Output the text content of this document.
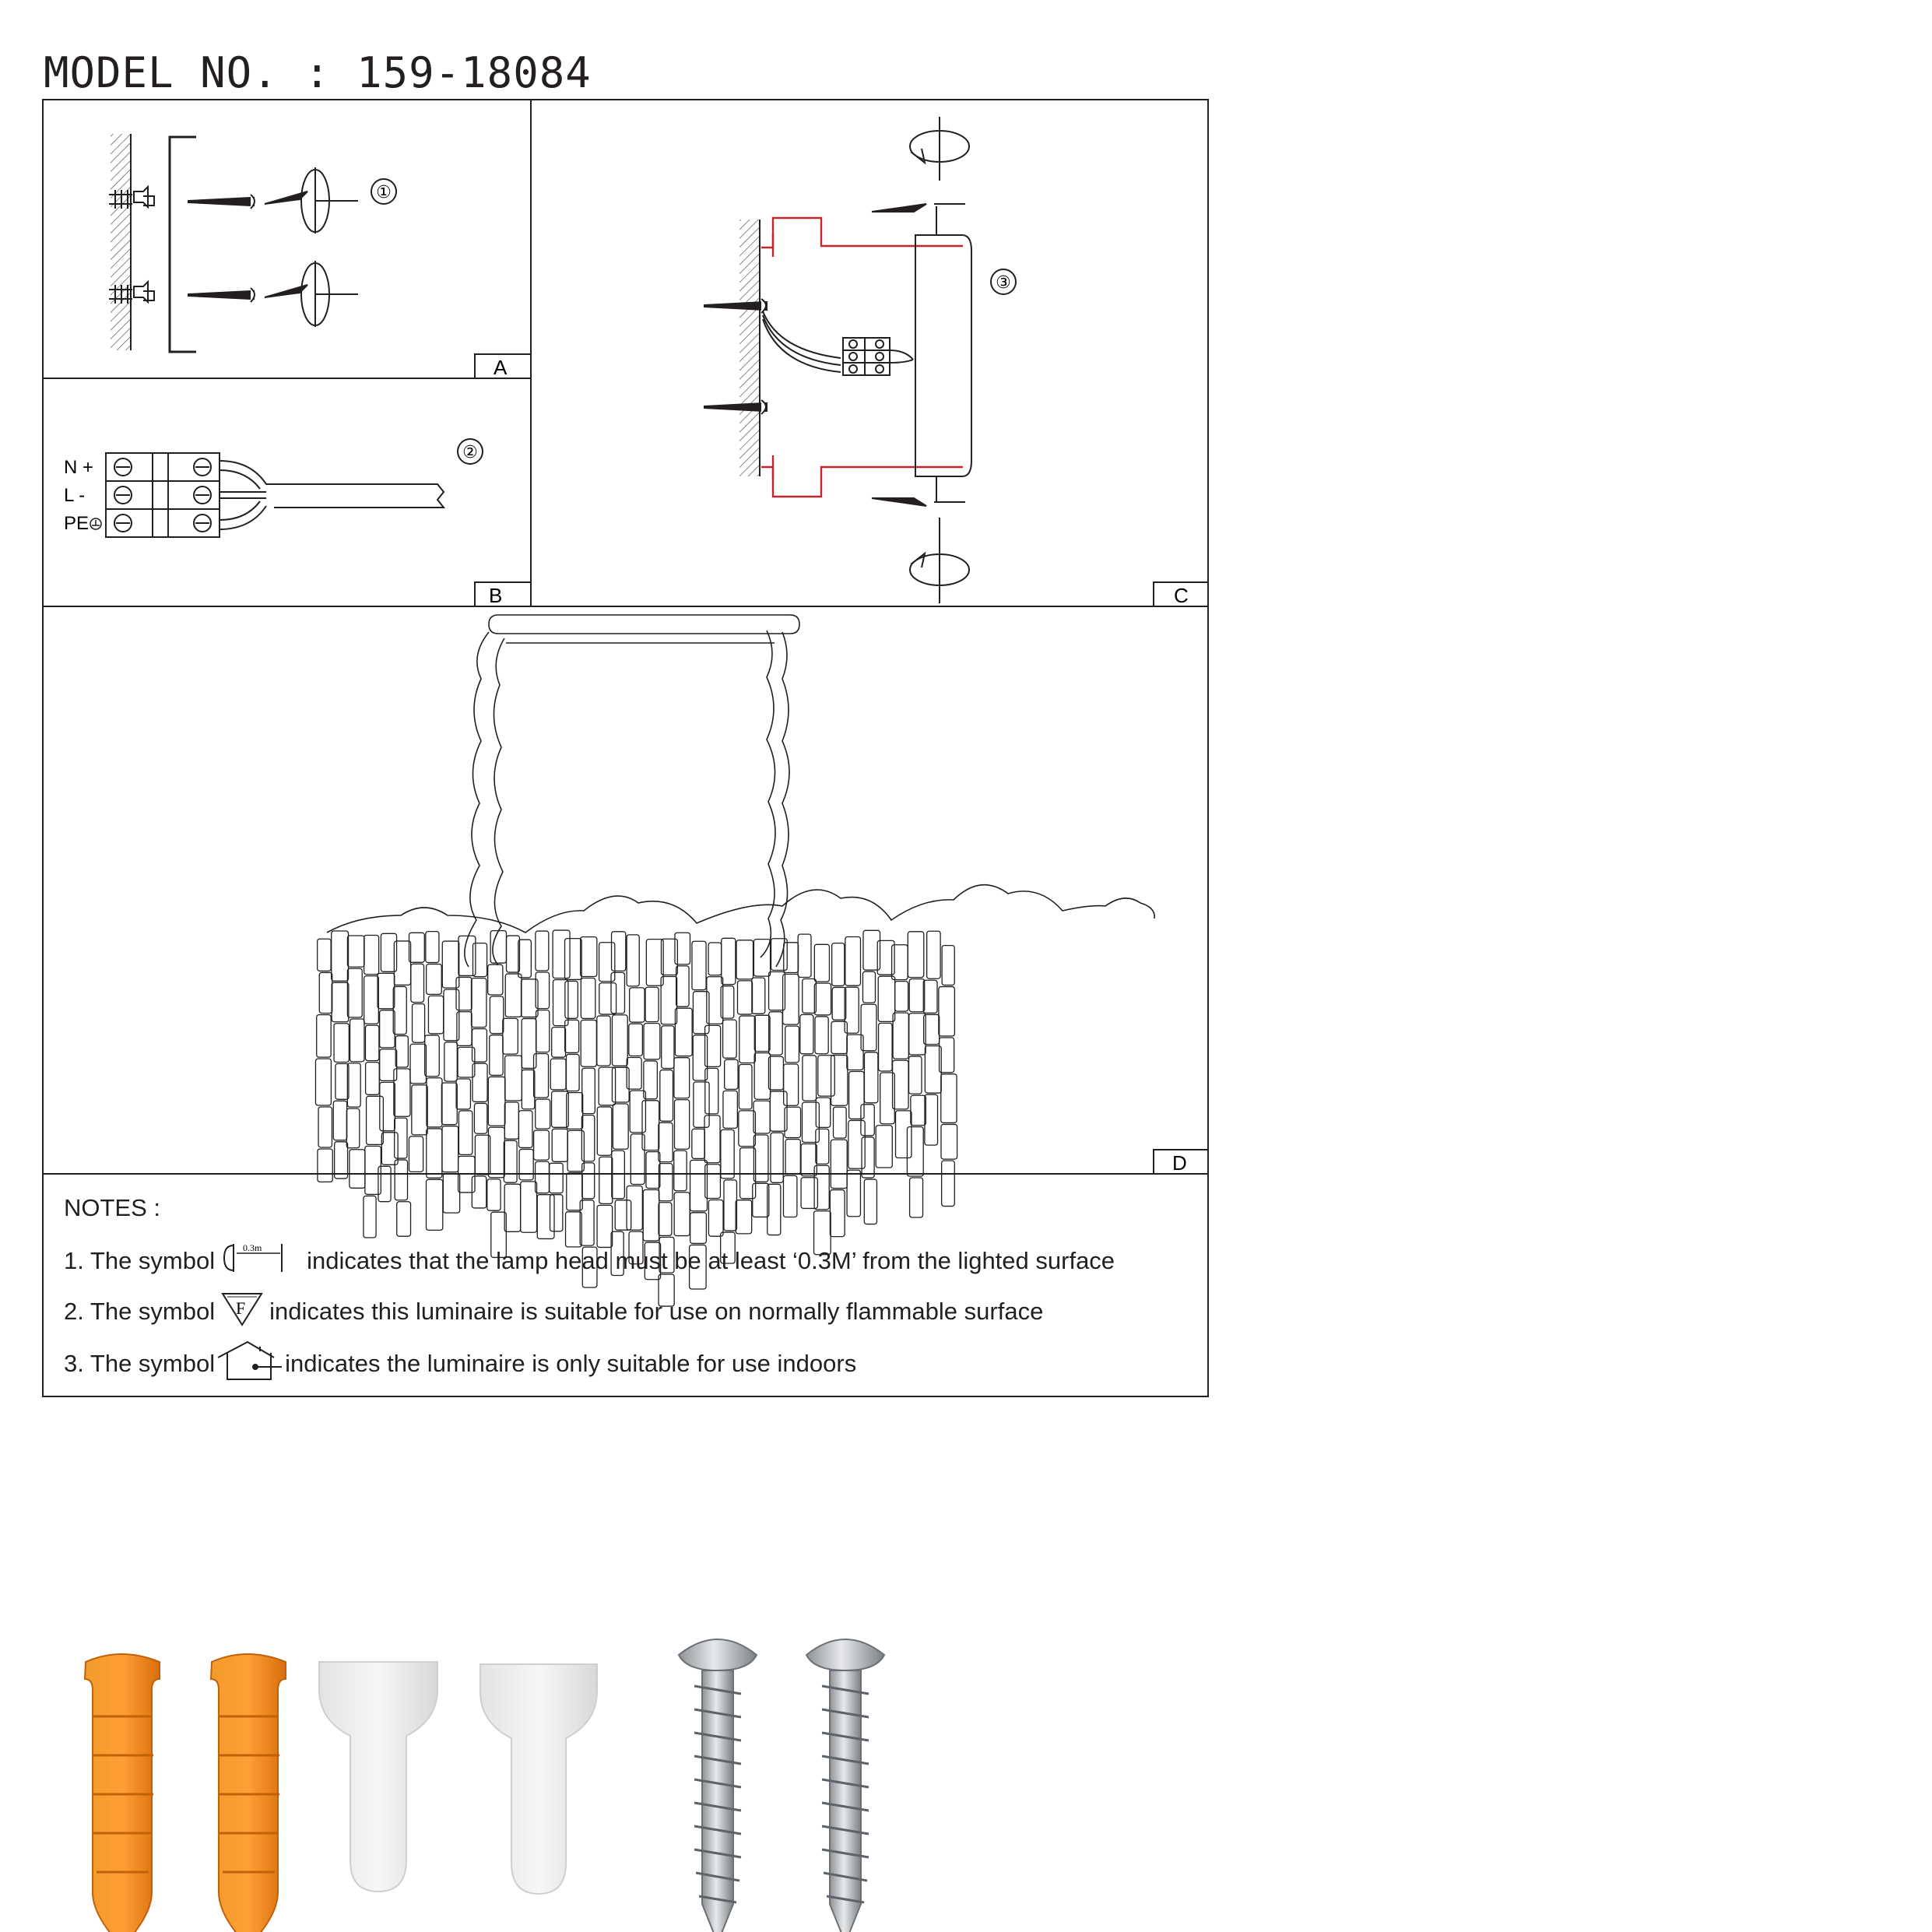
MODEL NO. : 159-18084
A
B	C
D
①
N +
L -
PE
②
③
NOTES :
1. The symbol	0.3m indicates that the lamp head must be at least ‘0.3M’ from the lighted surface
2. The symbol F indicates this luminaire is suitable for use on normally flammable surface
3. The symbol	indicates the luminaire is only suitable for use indoors
